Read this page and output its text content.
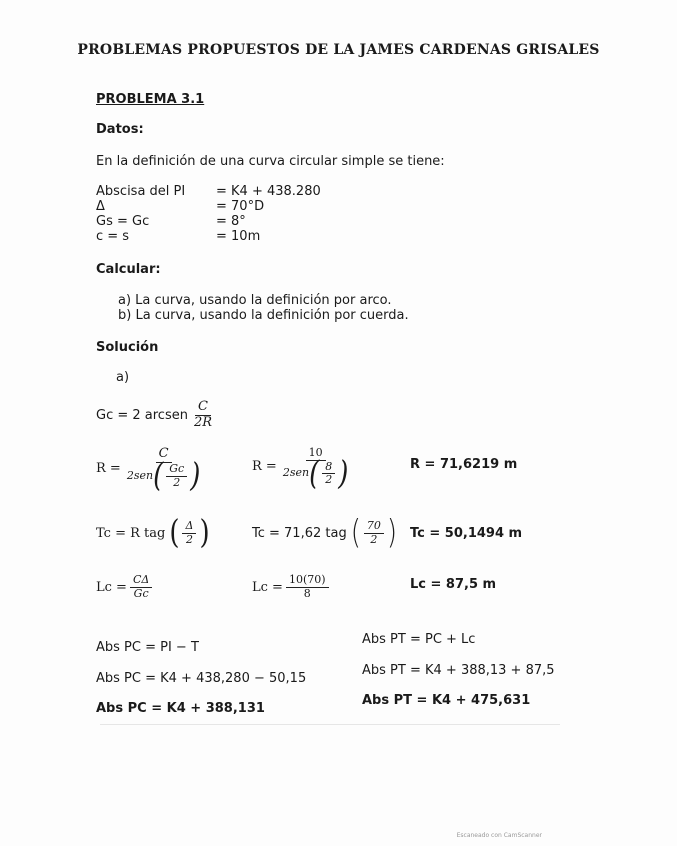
PROBLEMAS PROPUESTOS DE LA JAMES CARDENAS GRISALES
PROBLEMA 3.1
Datos:
En la definición de una curva circular simple se tiene:
Abscisa del PI = K4 + 438.280
Δ	= 70°D
Gs = Gc	= 8°
c = s	= 10m
Calcular:
a) La curva, usando la definición por arco.
b) La curva, usando la definición por cuerda.
Solución
a)
Gc = 2 arcsen $\frac{C}{2R}$
$R = \frac{C}{2sen ( \frac{Gc}{2} )}$	$R = \frac{10}{2sen ( \frac{8}{2} )}$	R = 71,6219 m
Tc = R tag ( $\frac{\Delta}{2}$ )	Tc = 71,62 tag ( $\frac{70}{2}$ ) Tc = 50,1494 m
$Lc = \frac{C\Delta}{Gc}$	$Lc = \frac{10(70)}{8}$	Lc = 87,5 m
Abs PC = PI − T
Abs PC = K4 + 438,280 − 50,15
Abs PC = K4 + 388,131
Abs PT = PC + Lc
Abs PT = K4 + 388,13 + 87,5
Abs PT = K4 + 475,631
Escaneado con CamScanner
